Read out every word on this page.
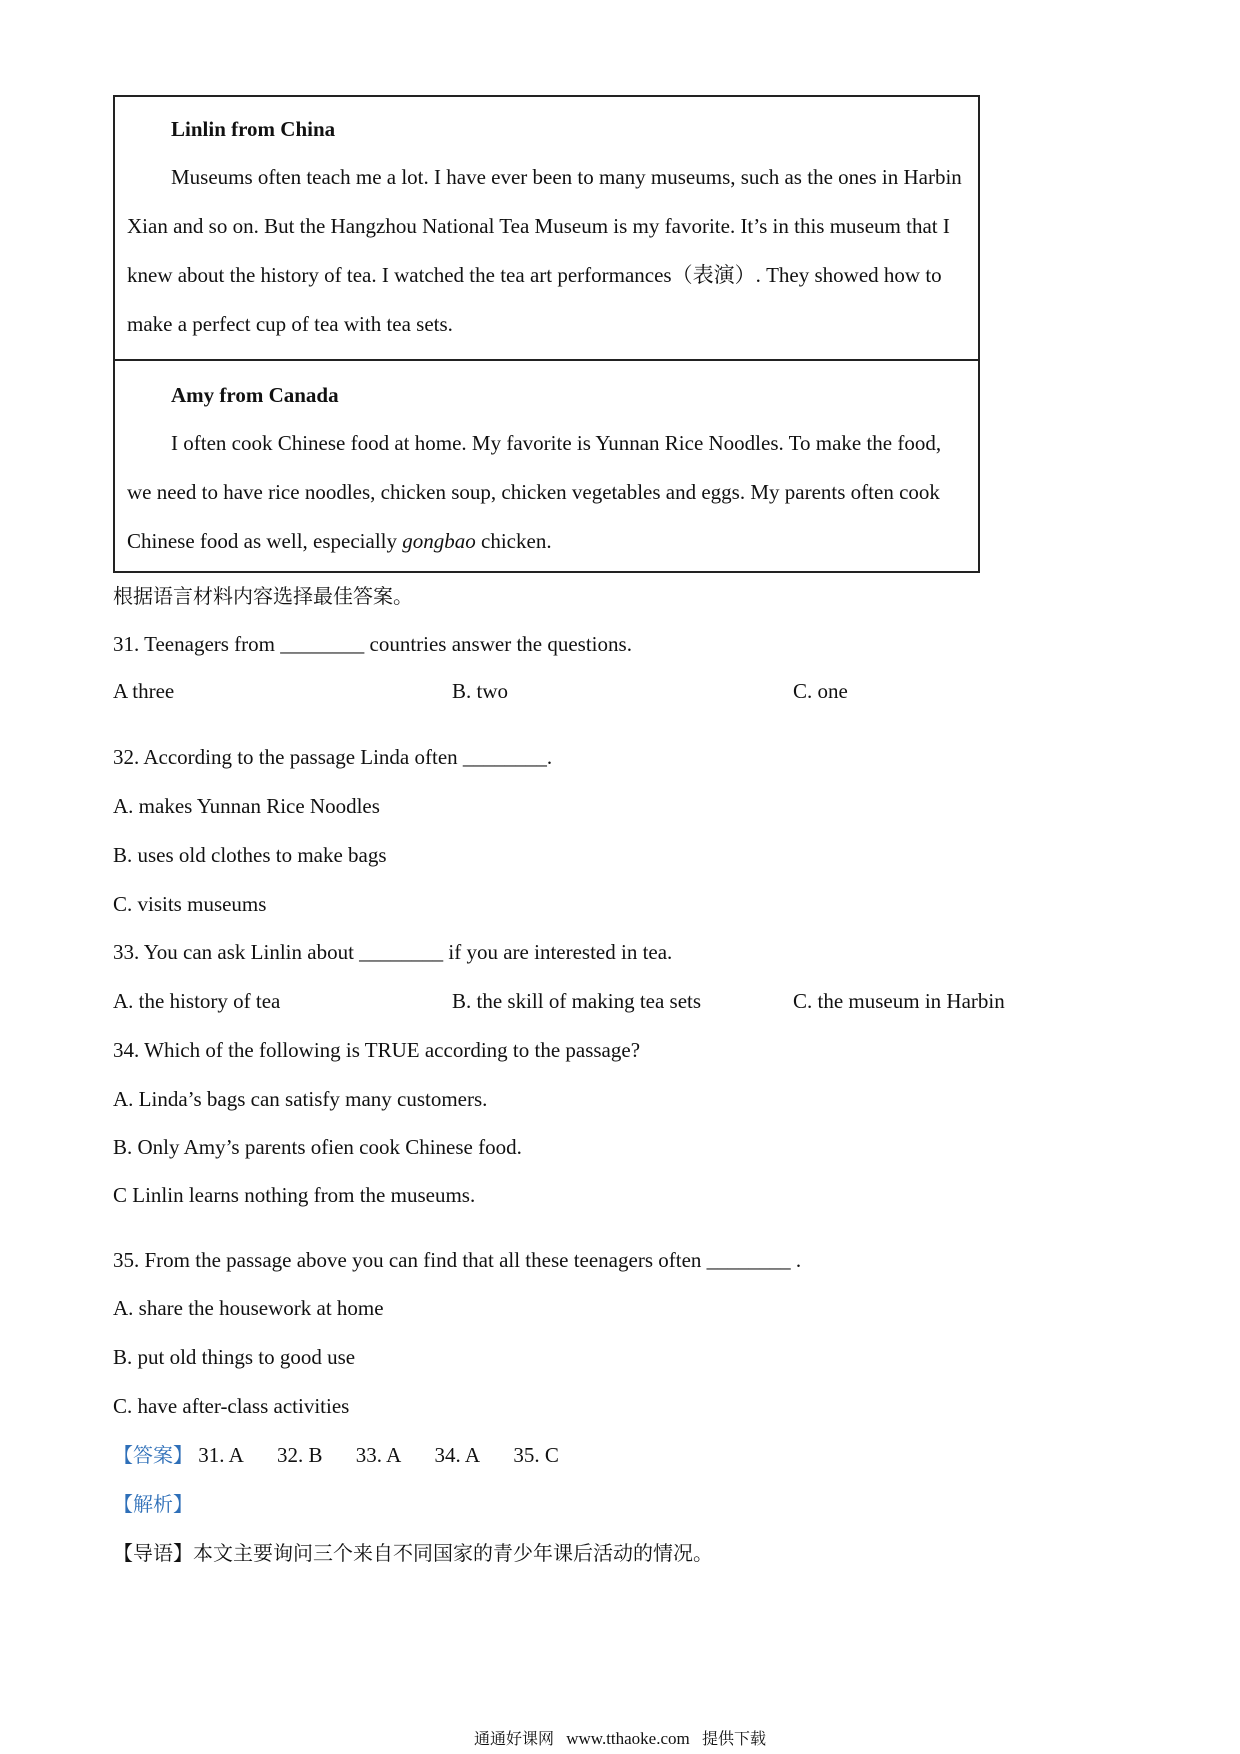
Linlin from China

Museums often teach me a lot. I have ever been to many museums, such as the ones in Harbin Xian and so on. But the Hangzhou National Tea Museum is my favorite. It’s in this museum that I knew about the history of tea. I watched the tea art performances（表演）. They showed how to make a perfect cup of tea with tea sets.

Amy from Canada

I often cook Chinese food at home. My favorite is Yunnan Rice Noodles. To make the food, we need to have rice noodles, chicken soup, chicken vegetables and eggs. My parents often cook Chinese food as well, especially gongbao chicken.

根据语言材料内容选择最佳答案。
31. Teenagers from ________ countries answer the questions.
A three	B. two	C. one
32. According to the passage Linda often ________.
A. makes Yunnan Rice Noodles
B. uses old clothes to make bags
C. visits museums
33. You can ask Linlin about ________ if you are interested in tea.
A. the history of tea	B. the skill of making tea sets	C. the museum in Harbin
34. Which of the following is TRUE according to the passage?
A. Linda’s bags can satisfy many customers.
B. Only Amy’s parents ofien cook Chinese food.
C Linlin learns nothing from the museums.
35. From the passage above you can find that all these teenagers often ________ .
A. share the housework at home
B. put old things to good use
C. have after-class activities
【答案】 31. A 32. B 33. A 34. A 35. C
【解析】
【导语】本文主要询问三个来自不同国家的青少年课后活动的情况。
通通好课网 www.tthaoke.com 提供下载
